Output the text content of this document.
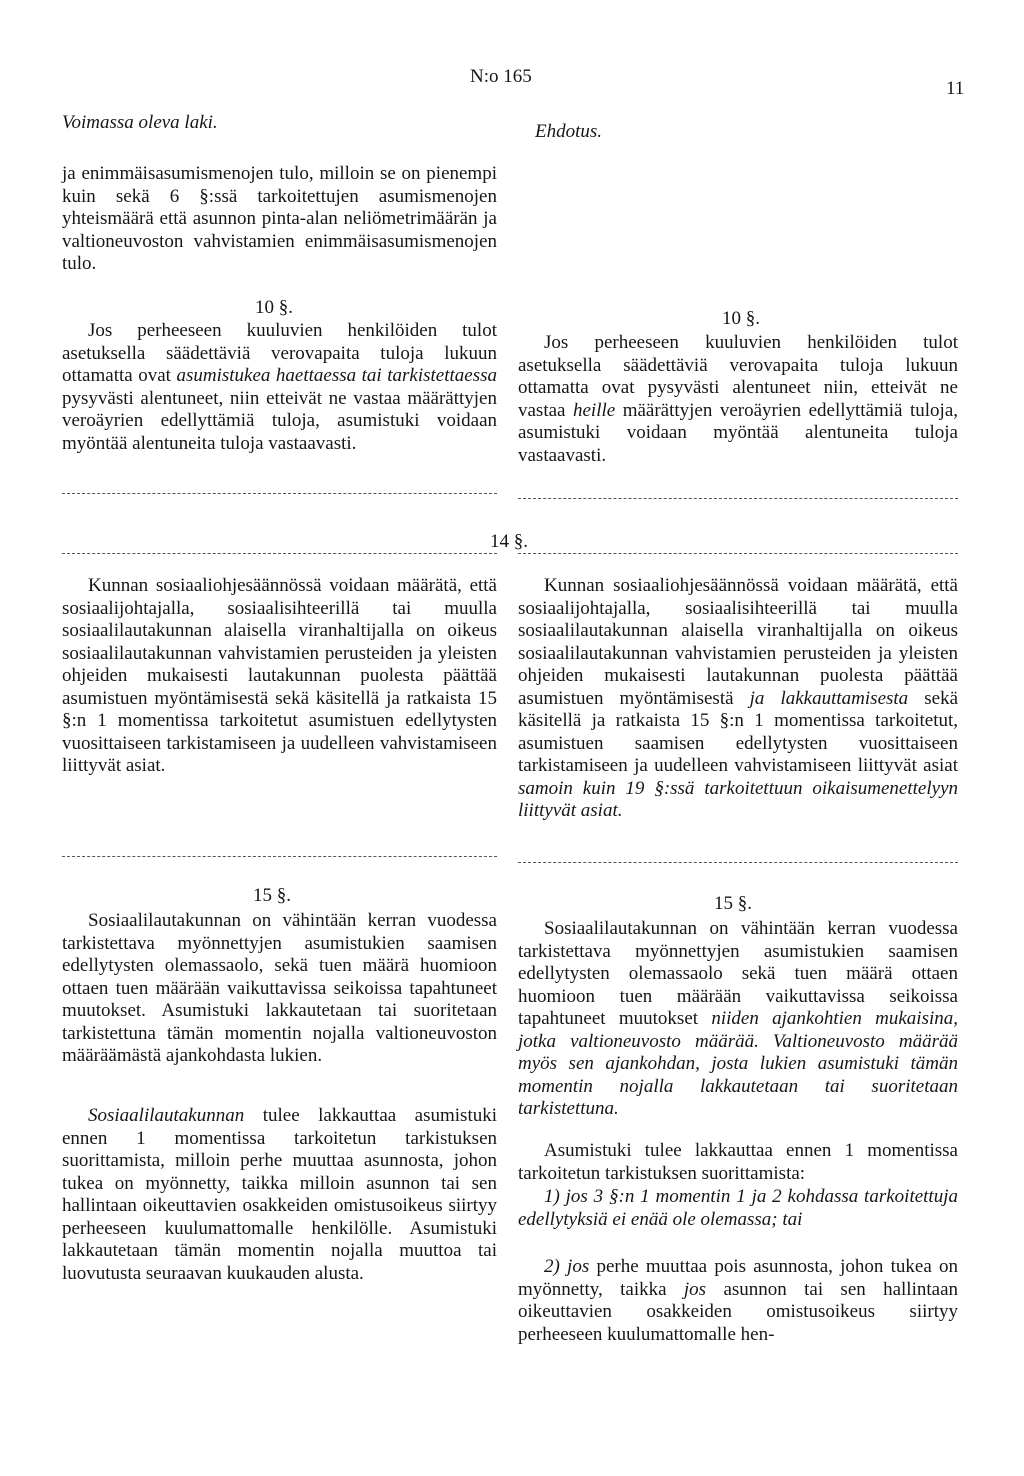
N:o 165
11
Voimassa oleva laki.	Ehdotus.

ja enimmäisasumismenojen tulo, milloin se on pienempi kuin sekä 6 §:ssä tarkoitettujen asumismenojen yhteismäärä että asunnon pinta-alan neliömetrimäärän ja valtioneuvoston vahvistamien enimmäisasumismenojen tulo.

10 §.

Jos perheeseen kuuluvien henkilöiden tulot asetuksella säädettäviä verovapaita tuloja lukuun ottamatta ovat asumistukea haettaessa tai tarkistettaessa pysyvästi alentuneet, niin etteivät ne vastaa määrättyjen veroäyrien edellyttämiä tuloja, asumistuki voidaan myöntää alentuneita tuloja vastaavasti.

14 §.

Kunnan sosiaaliohjesäännössä voidaan määrätä, että sosiaalijohtajalla, sosiaalisihteerillä tai muulla sosiaalilautakunnan alaisella viranhaltijalla on oikeus sosiaalilautakunnan vahvistamien perusteiden ja yleisten ohjeiden mukaisesti lautakunnan puolesta päättää asumistuen myöntämisestä sekä käsitellä ja ratkaista 15 §:n 1 momentissa tarkoitetut asumistuen edellytysten vuosittaiseen tarkistamiseen ja uudelleen vahvistamiseen liittyvät asiat.

15 §.

Sosiaalilautakunnan on vähintään kerran vuodessa tarkistettava myönnettyjen asumistukien saamisen edellytysten olemassaolo, sekä tuen määrä huomioon ottaen tuen määrään vaikuttavissa seikoissa tapahtuneet muutokset. Asumistuki lakkautetaan tai suoritetaan tarkistettuna tämän momentin nojalla valtioneuvoston määräämästä ajankohdasta lukien.

Sosiaalilautakunnan tulee lakkauttaa asumistuki ennen 1 momentissa tarkoitetun tarkistuksen suorittamista, milloin perhe muuttaa asunnosta, johon tukea on myönnetty, taikka milloin asunnon tai sen hallintaan oikeuttavien osakkeiden omistusoikeus siirtyy perheeseen kuulumattomalle henkilölle. Asumistuki lakkautetaan tämän momentin nojalla muuttoa tai luovutusta seuraavan kuukauden alusta.

10 §.

Jos perheeseen kuuluvien henkilöiden tulot asetuksella säädettäviä verovapaita tuloja lukuun ottamatta ovat pysyvästi alentuneet niin, etteivät ne vastaa heille määrättyjen veroäyrien edellyttämiä tuloja, asumistuki voidaan myöntää alentuneita tuloja vastaavasti.

Kunnan sosiaaliohjesäännössä voidaan määrätä, että sosiaalijohtajalla, sosiaalisihteerillä tai muulla sosiaalilautakunnan alaisella viranhaltijalla on oikeus sosiaalilautakunnan vahvistamien perusteiden ja yleisten ohjeiden mukaisesti lautakunnan puolesta päättää asumistuen myöntämisestä ja lakkauttamisesta sekä käsitellä ja ratkaista 15 §:n 1 momentissa tarkoitetut, asumistuen saamisen edellytysten vuosittaiseen tarkistamiseen ja uudelleen vahvistamiseen liittyvät asiat samoin kuin 19 §:ssä tarkoitettuun oikaisumenettelyyn liittyvät asiat.

15 §.

Sosiaalilautakunnan on vähintään kerran vuodessa tarkistettava myönnettyjen asumistukien saamisen edellytysten olemassaolo sekä tuen määrä ottaen huomioon tuen määrään vaikuttavissa seikoissa tapahtuneet muutokset niiden ajankohtien mukaisina, jotka valtioneuvosto määrää. Valtioneuvosto määrää myös sen ajankohdan, josta lukien asumistuki tämän momentin nojalla lakkautetaan tai suoritetaan tarkistettuna.

Asumistuki tulee lakkauttaa ennen 1 momentissa tarkoitetun tarkistuksen suorittamista:

1) jos 3 §:n 1 momentin 1 ja 2 kohdassa tarkoitettuja edellytyksiä ei enää ole olemassa; tai

2) jos perhe muuttaa pois asunnosta, johon tukea on myönnetty, taikka jos asunnon tai sen hallintaan oikeuttavien osakkeiden omistusoikeus siirtyy perheeseen kuulumattomalle hen-
